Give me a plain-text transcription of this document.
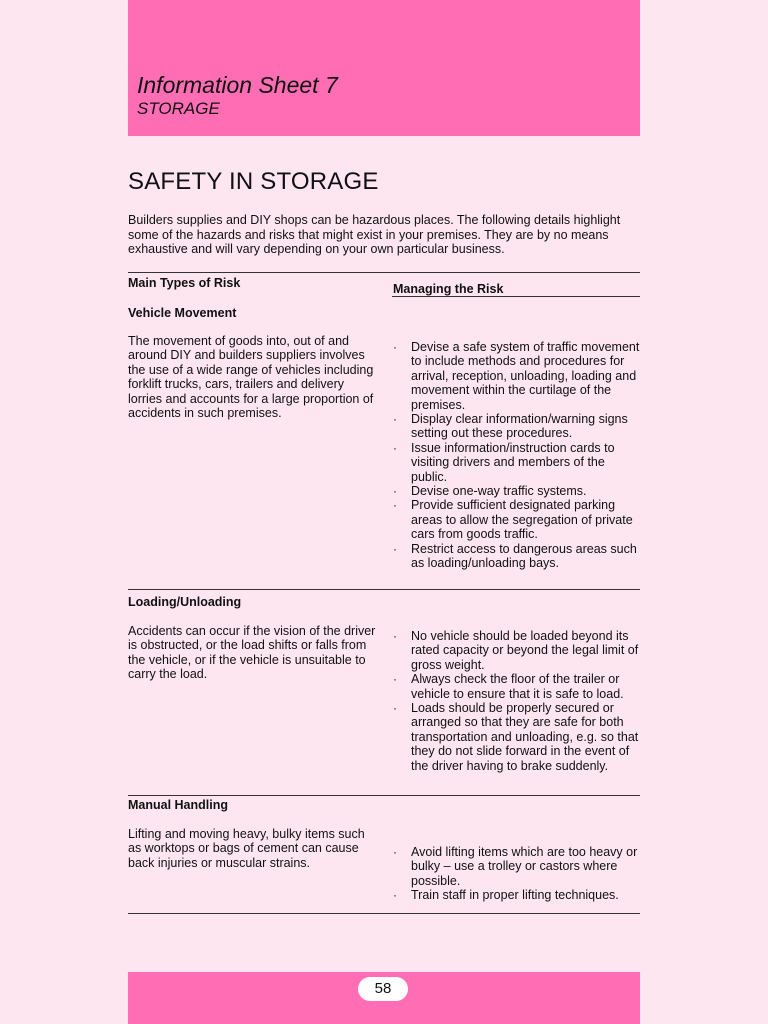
Information Sheet 7
STORAGE
SAFETY IN STORAGE

Builders supplies and DIY shops can be hazardous places. The following details highlight some of the hazards and risks that might exist in your premises. They are by no means exhaustive and will vary depending on your own particular business.

Main Types of Risk	Managing the Risk
Vehicle Movement

The movement of goods into, out of and around DIY and builders suppliers involves the use of a wide range of vehicles including forklift trucks, cars, trailers and delivery lorries and accounts for a large proportion of accidents in such premises.

· Devise a safe system of traffic movement to include methods and procedures for arrival, reception, unloading, loading and movement within the curtilage of the premises.
· Display clear information/warning signs setting out these procedures.
· Issue information/instruction cards to visiting drivers and members of the public.
· Devise one-way traffic systems.
· Provide sufficient designated parking areas to allow the segregation of private cars from goods traffic.
· Restrict access to dangerous areas such as loading/unloading bays.
Loading/Unloading

Accidents can occur if the vision of the driver is obstructed, or the load shifts or falls from the vehicle, or if the vehicle is unsuitable to carry the load.

· No vehicle should be loaded beyond its rated capacity or beyond the legal limit of gross weight.
· Always check the floor of the trailer or vehicle to ensure that it is safe to load.
· Loads should be properly secured or arranged so that they are safe for both transportation and unloading, e.g. so that they do not slide forward in the event of the driver having to brake suddenly.
Manual Handling

Lifting and moving heavy, bulky items such as worktops or bags of cement can cause back injuries or muscular strains.

· Avoid lifting items which are too heavy or bulky – use a trolley or castors where possible.
· Train staff in proper lifting techniques.
58
